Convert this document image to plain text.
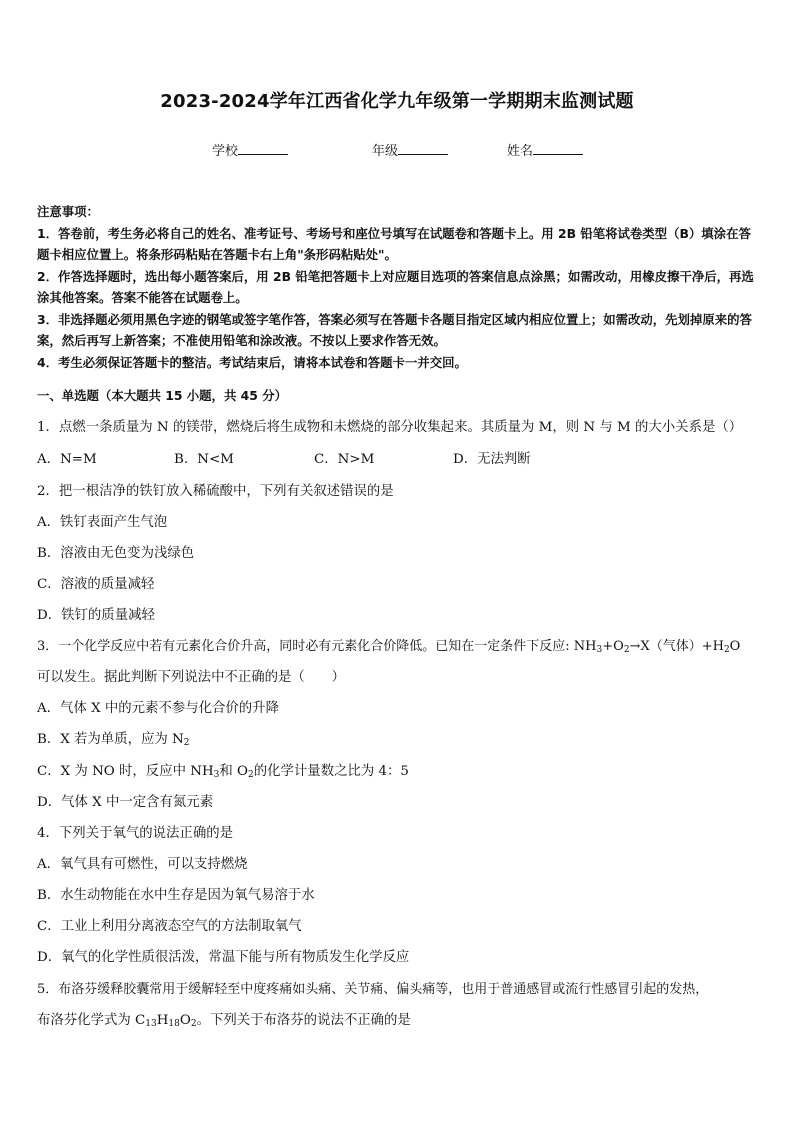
2023-2024学年江西省化学九年级第一学期期末监测试题
学校	年级	姓名

注意事项：

1．答卷前，考生务必将自己的姓名、准考证号、考场号和座位号填写在试题卷和答题卡上。用 2B 铅笔将试卷类型（B）填涂在答题卡相应位置上。将条形码粘贴在答题卡右上角"条形码粘贴处"。

2．作答选择题时，选出每小题答案后，用 2B 铅笔把答题卡上对应题目选项的答案信息点涂黑；如需改动，用橡皮擦干净后，再选涂其他答案。答案不能答在试题卷上。

3．非选择题必须用黑色字迹的钢笔或签字笔作答，答案必须写在答题卡各题目指定区域内相应位置上；如需改动，先划掉原来的答案，然后再写上新答案；不准使用铅笔和涂改液。不按以上要求作答无效。

4．考生必须保证答题卡的整洁。考试结束后，请将本试卷和答题卡一并交回。

一、单选题（本大题共 15 小题，共 45 分）
1．点燃一条质量为 N 的镁带，燃烧后将生成物和未燃烧的部分收集起来。其质量为 M，则 N 与 M 的大小关系是（）
A．N=M	B．N<M	C．N>M	D．无法判断
2．把一根洁净的铁钉放入稀硫酸中，下列有关叙述错误的是
A．铁钉表面产生气泡
B．溶液由无色变为浅绿色
C．溶液的质量减轻
D．铁钉的质量减轻
3．一个化学反应中若有元素化合价升高，同时必有元素化合价降低。已知在一定条件下反应: $NH_3+O_2\to X$（气体）$+H_2O$
可以发生。据此判断下列说法中不正确的是（　　）
A．气体 X 中的元素不参与化合价的升降
B．X 若为单质，应为 $N_2$
C．X 为 NO 时，反应中 $NH_3$和 $O_2$的化学计量数之比为 4：5
D．气体 X 中一定含有氮元素
4．下列关于氧气的说法正确的是
A．氧气具有可燃性，可以支持燃烧
B．水生动物能在水中生存是因为氧气易溶于水
C．工业上利用分离液态空气的方法制取氧气
D．氧气的化学性质很活泼，常温下能与所有物质发生化学反应
5．布洛芬缓释胶囊常用于缓解轻至中度疼痛如头痛、关节痛、偏头痛等，也用于普通感冒或流行性感冒引起的发热，
布洛芬化学式为 $C_{13}H_{18}O_2$。下列关于布洛芬的说法不正确的是
